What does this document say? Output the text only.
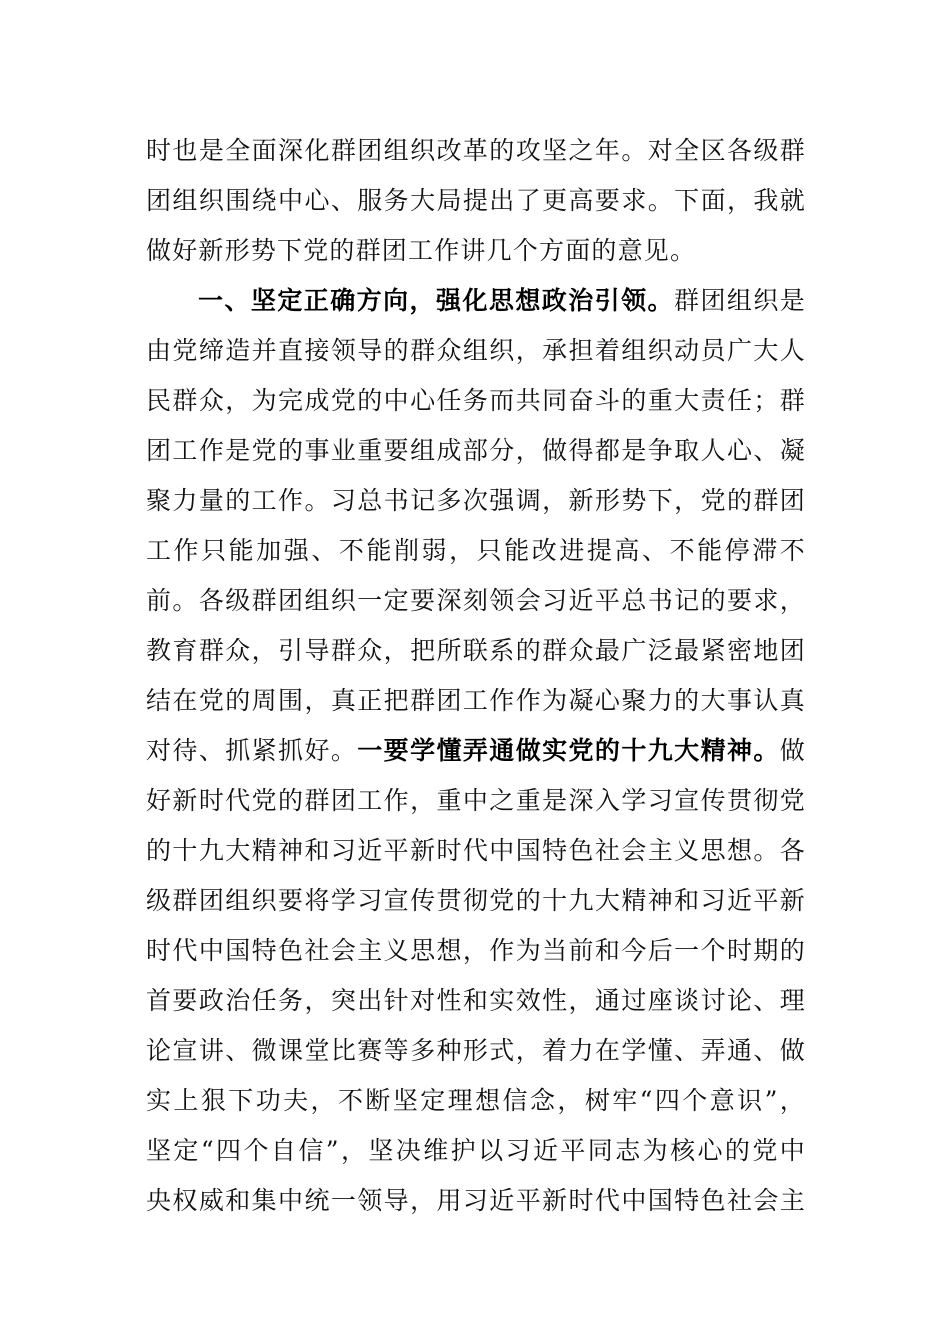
时也是全面深化群团组织改革的攻坚之年。对全区各级群
团组织围绕中心、服务大局提出了更高要求。下面，我就
做好新形势下党的群团工作讲几个方面的意见。
一、坚定正确方向，强化思想政治引领。群团组织是
由党缔造并直接领导的群众组织，承担着组织动员广大人
民群众，为完成党的中心任务而共同奋斗的重大责任；群
团工作是党的事业重要组成部分，做得都是争取人心、凝
聚力量的工作。习总书记多次强调，新形势下，党的群团
工作只能加强、不能削弱，只能改进提高、不能停滞不
前。各级群团组织一定要深刻领会习近平总书记的要求，
教育群众，引导群众，把所联系的群众最广泛最紧密地团
结在党的周围，真正把群团工作作为凝心聚力的大事认真
对待、抓紧抓好。一要学懂弄通做实党的十九大精神。做
好新时代党的群团工作，重中之重是深入学习宣传贯彻党
的十九大精神和习近平新时代中国特色社会主义思想。各
级群团组织要将学习宣传贯彻党的十九大精神和习近平新
时代中国特色社会主义思想，作为当前和今后一个时期的
首要政治任务，突出针对性和实效性，通过座谈讨论、理
论宣讲、微课堂比赛等多种形式，着力在学懂、弄通、做
实上狠下功夫，不断坚定理想信念，树牢“四个意识”，
坚定“四个自信”，坚决维护以习近平同志为核心的党中
央权威和集中统一领导，用习近平新时代中国特色社会主
